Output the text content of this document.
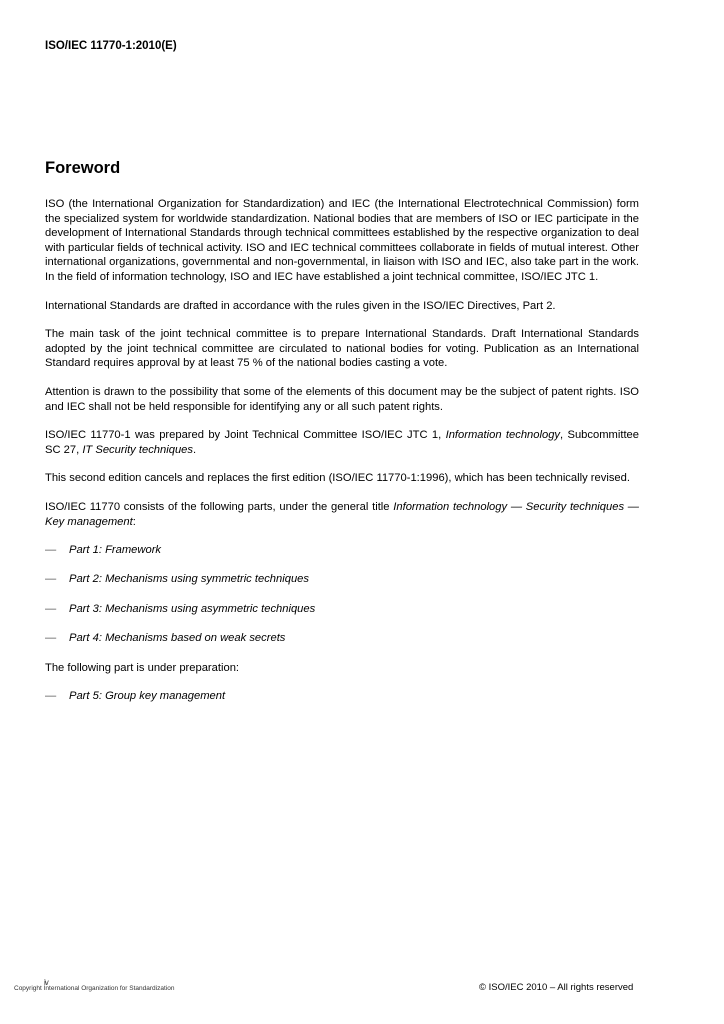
ISO/IEC 11770-1:2010(E)
Foreword

ISO (the International Organization for Standardization) and IEC (the International Electrotechnical Commission) form the specialized system for worldwide standardization. National bodies that are members of ISO or IEC participate in the development of International Standards through technical committees established by the respective organization to deal with particular fields of technical activity. ISO and IEC technical committees collaborate in fields of mutual interest. Other international organizations, governmental and non-governmental, in liaison with ISO and IEC, also take part in the work. In the field of information technology, ISO and IEC have established a joint technical committee, ISO/IEC JTC 1.

International Standards are drafted in accordance with the rules given in the ISO/IEC Directives, Part 2.

The main task of the joint technical committee is to prepare International Standards. Draft International Standards adopted by the joint technical committee are circulated to national bodies for voting. Publication as an International Standard requires approval by at least 75 % of the national bodies casting a vote.

Attention is drawn to the possibility that some of the elements of this document may be the subject of patent rights. ISO and IEC shall not be held responsible for identifying any or all such patent rights.

ISO/IEC 11770-1 was prepared by Joint Technical Committee ISO/IEC JTC 1, Information technology, Subcommittee SC 27, IT Security techniques.

This second edition cancels and replaces the first edition (ISO/IEC 11770-1:1996), which has been technically revised.

ISO/IEC 11770 consists of the following parts, under the general title Information technology — Security techniques — Key management:

— Part 1: Framework
— Part 2: Mechanisms using symmetric techniques
— Part 3: Mechanisms using asymmetric techniques
— Part 4: Mechanisms based on weak secrets

The following part is under preparation:

— Part 5: Group key management
iv
Copyright International Organization for Standardization	© ISO/IEC 2010 – All rights reserved
